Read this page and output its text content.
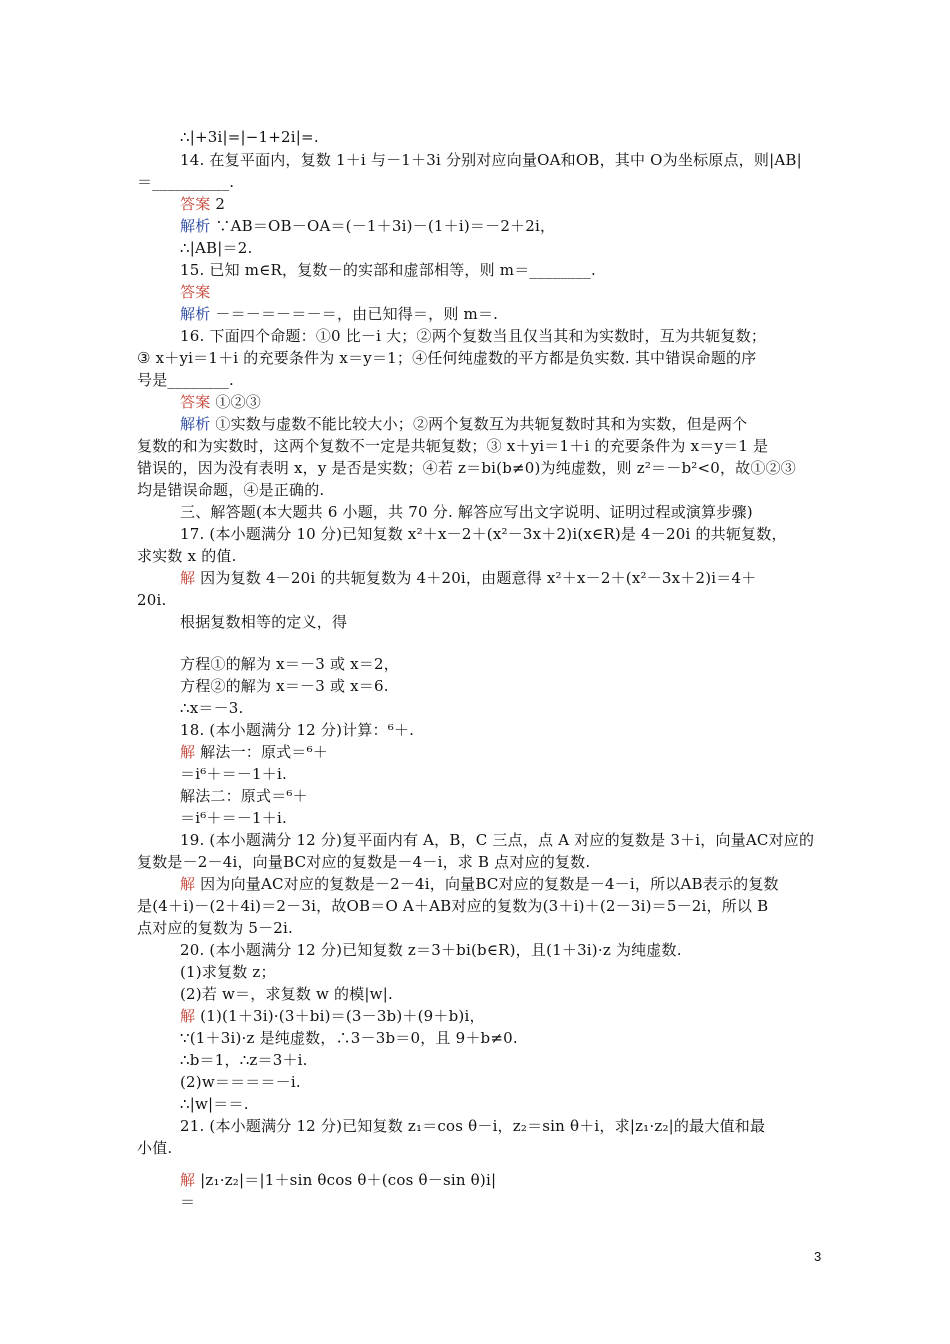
∴|+3i|=|−1+2i|=.
14. 在复平面内，复数 1＋i 与－1＋3i 分别对应向量OA和OB，其中 O为坐标原点，则|AB|
＝__________.
答案 2
解析 ∵AB＝OB－OA＝(－1＋3i)－(1＋i)＝－2＋2i，
∴|AB|＝2.
15. 已知 m∈R，复数－的实部和虚部相等，则 m＝________.
答案
解析 －＝－＝－＝－＝，由已知得＝，则 m＝.
16. 下面四个命题：①0 比－i 大；②两个复数当且仅当其和为实数时，互为共轭复数；
③ x＋yi＝1＋i 的充要条件为 x＝y＝1；④任何纯虚数的平方都是负实数. 其中错误命题的序
号是________.
答案 ①②③
解析 ①实数与虚数不能比较大小；②两个复数互为共轭复数时其和为实数，但是两个
复数的和为实数时，这两个复数不一定是共轭复数；③ x＋yi＝1＋i 的充要条件为 x＝y＝1 是
错误的，因为没有表明 x，y 是否是实数；④若 z＝bi(b≠0)为纯虚数，则 z²＝－b²<0，故①②③
均是错误命题，④是正确的.
三、解答题(本大题共 6 小题，共 70 分. 解答应写出文字说明、证明过程或演算步骤)
17. (本小题满分 10 分)已知复数 x²＋x－2＋(x²－3x＋2)i(x∈R)是 4－20i 的共轭复数，
求实数 x 的值.
解 因为复数 4－20i 的共轭复数为 4＋20i，由题意得 x²＋x－2＋(x²－3x＋2)i＝4＋
20i.
根据复数相等的定义，得
方程①的解为 x＝－3 或 x＝2，
方程②的解为 x＝－3 或 x＝6.
∴x＝－3.
18. (本小题满分 12 分)计算：⁶＋.
解 解法一：原式＝⁶＋
＝i⁶＋＝－1＋i.
解法二：原式＝⁶＋
＝i⁶＋＝－1＋i.
19. (本小题满分 12 分)复平面内有 A，B，C 三点，点 A 对应的复数是 3＋i，向量AC对应的
复数是－2－4i，向量BC对应的复数是－4－i，求 B 点对应的复数.
解 因为向量AC对应的复数是－2－4i，向量BC对应的复数是－4－i，所以AB表示的复数
是(4＋i)－(2＋4i)＝2－3i，故OB＝O A＋AB对应的复数为(3＋i)＋(2－3i)＝5－2i，所以 B
点对应的复数为 5－2i.
20. (本小题满分 12 分)已知复数 z＝3＋bi(b∈R)，且(1＋3i)·z 为纯虚数.
(1)求复数 z；
(2)若 w＝，求复数 w 的模|w|.
解 (1)(1＋3i)·(3＋bi)＝(3－3b)＋(9＋b)i，
∵(1＋3i)·z 是纯虚数，∴3－3b＝0，且 9＋b≠0.
∴b＝1，∴z＝3＋i.
(2)w＝＝＝＝－i.
∴|w|＝＝.
21. (本小题满分 12 分)已知复数 z₁＝cos θ－i，z₂＝sin θ＋i，求|z₁·z₂|的最大值和最
小值.
解 |z₁·z₂|＝|1＋sin θcos θ＋(cos θ－sin θ)i|
＝
3
